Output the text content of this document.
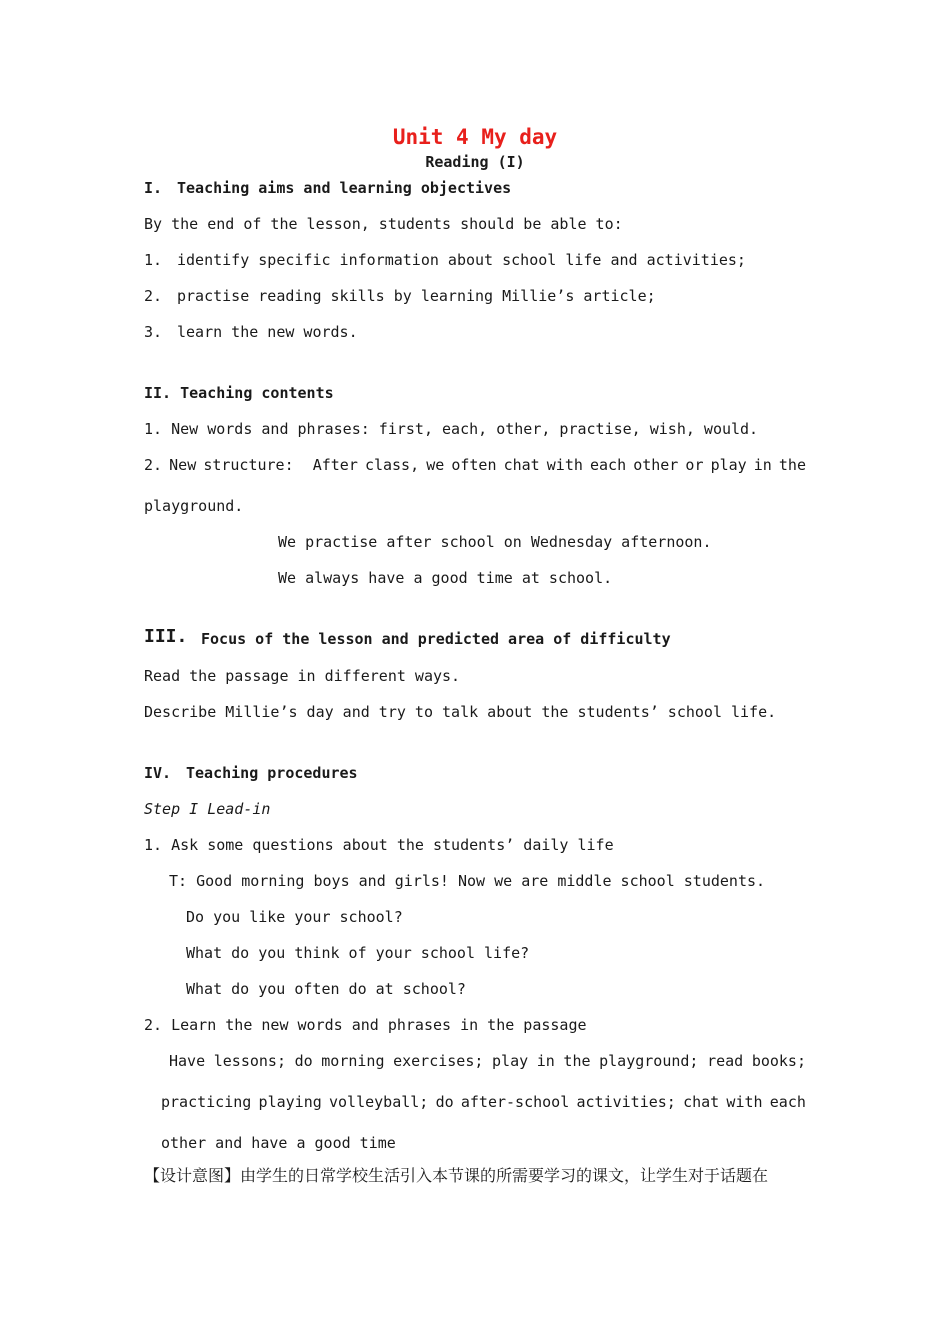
Unit 4 My day
Reading (I)
I. Teaching aims and learning objectives
By the end of the lesson, students should be able to:
1. identify specific information about school life and activities;
2. practise reading skills by learning Millie’s article;
3. learn the new words.
II. Teaching contents
1. New words and phrases: first, each, other, practise, wish, would.
2. New structure: After class, we often chat with each other or play in the
playground.
We practise after school on Wednesday afternoon.
We always have a good time at school.
III. Focus of the lesson and predicted area of difficulty
Read the passage in different ways.
Describe Millie’s day and try to talk about the students’ school life.
IV. Teaching procedures
Step I Lead-in
1. Ask some questions about the students’ daily life
T: Good morning boys and girls! Now we are middle school students.
Do you like your school?
What do you think of your school life?
What do you often do at school?
2. Learn the new words and phrases in the passage
Have lessons; do morning exercises; play in the playground; read books;
practicing playing volleyball; do after-school activities; chat with each
other and have a good time
【设计意图】由学生的日常学校生活引入本节课的所需要学习的课文，让学生对于话题在
